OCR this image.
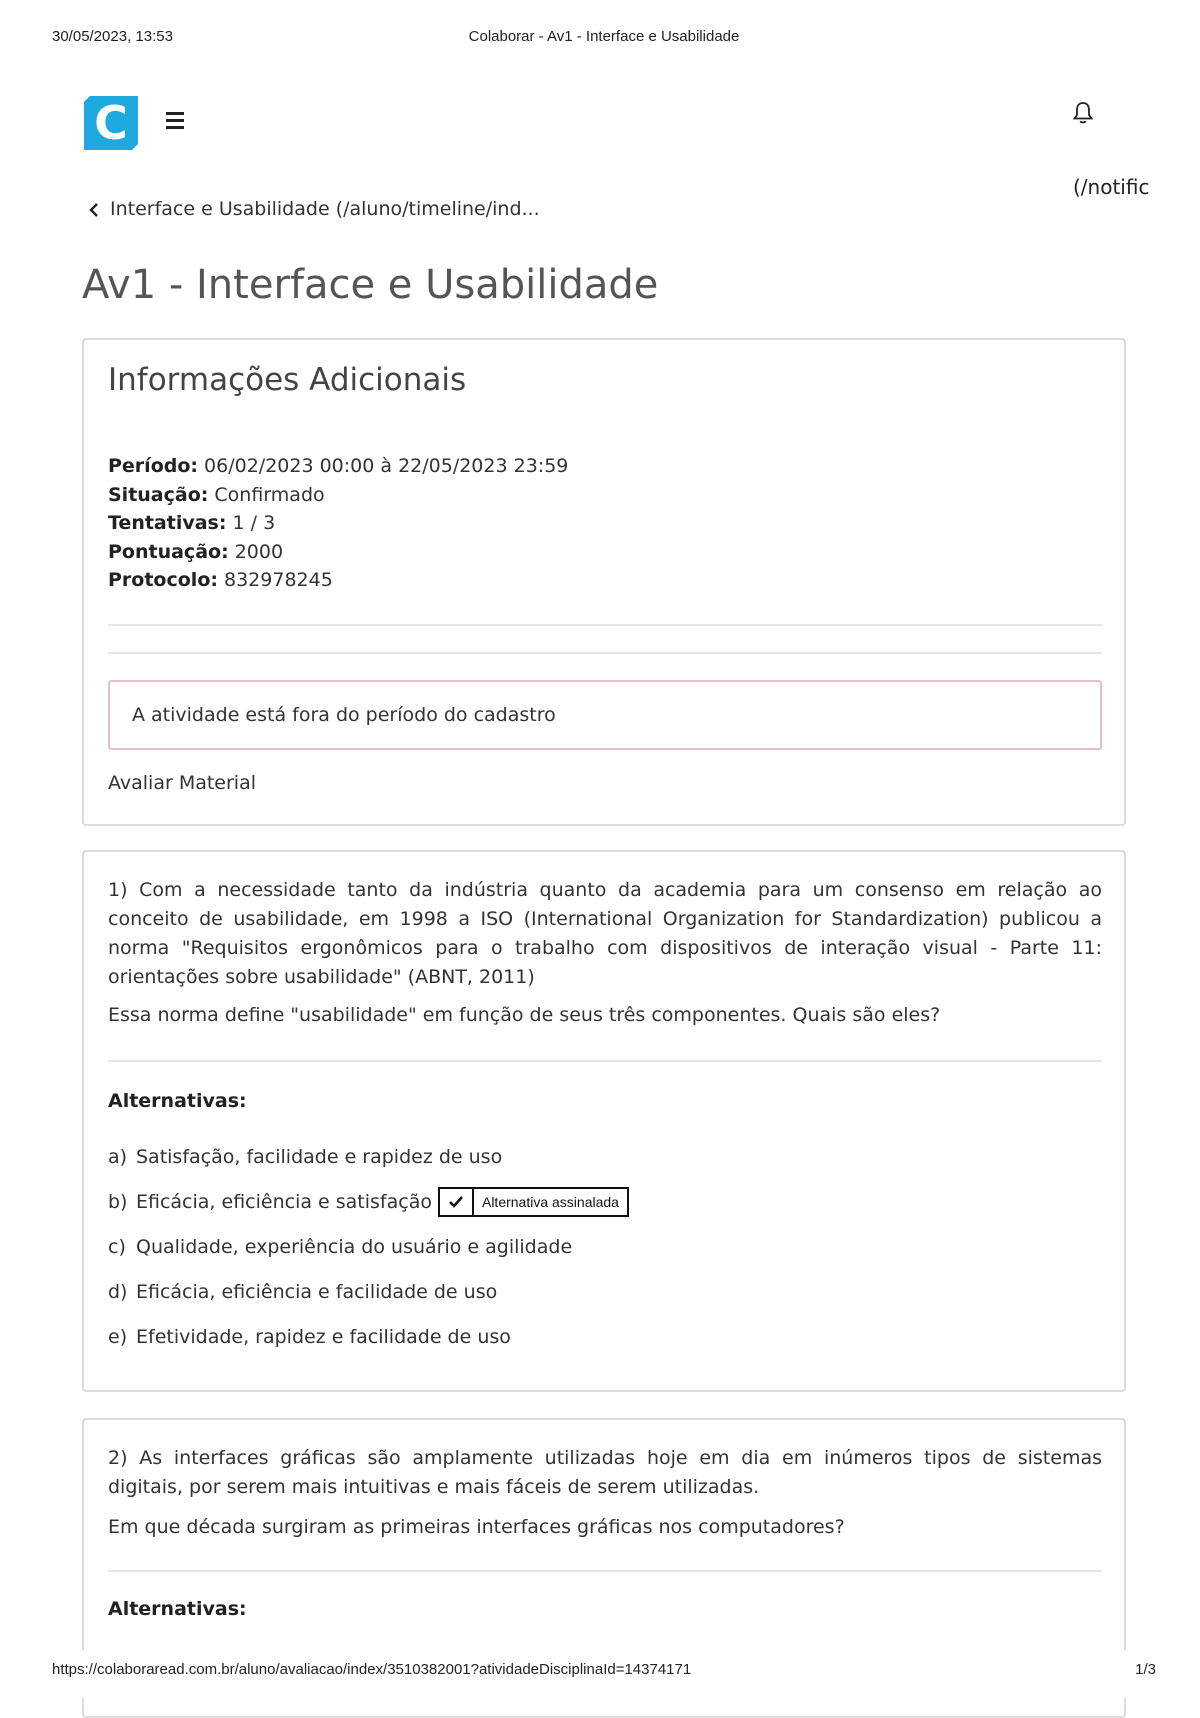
30/05/2023, 13:53	Colaborar - Av1 - Interface e Usabilidade
C
(/notific
Interface e Usabilidade (/aluno/timeline/ind...
Av1 - Interface e Usabilidade
Informações Adicionais
Período: 06/02/2023 00:00 à 22/05/2023 23:59
Situação: Confirmado
Tentativas: 1 / 3
Pontuação: 2000
Protocolo: 832978245
A atividade está fora do período do cadastro
Avaliar Material
1) Com a necessidade tanto da indústria quanto da academia para um consenso em relação ao conceito de usabilidade, em 1998 a ISO (International Organization for Standardization) publicou a norma "Requisitos ergonômicos para o trabalho com dispositivos de interação visual - Parte 11: orientações sobre usabilidade" (ABNT, 2011)
Essa norma define "usabilidade" em função de seus três componentes. Quais são eles?
Alternativas:
a) Satisfação, facilidade e rapidez de uso
b) Eficácia, eficiência e satisfação	Alternativa assinalada
c) Qualidade, experiência do usuário e agilidade
d) Eficácia, eficiência e facilidade de uso
e) Efetividade, rapidez e facilidade de uso
2) As interfaces gráficas são amplamente utilizadas hoje em dia em inúmeros tipos de sistemas digitais, por serem mais intuitivas e mais fáceis de serem utilizadas.
Em que década surgiram as primeiras interfaces gráficas nos computadores?
Alternativas:
https://colaboraread.com.br/aluno/avaliacao/index/3510382001?atividadeDisciplinaId=14374171	1/3
